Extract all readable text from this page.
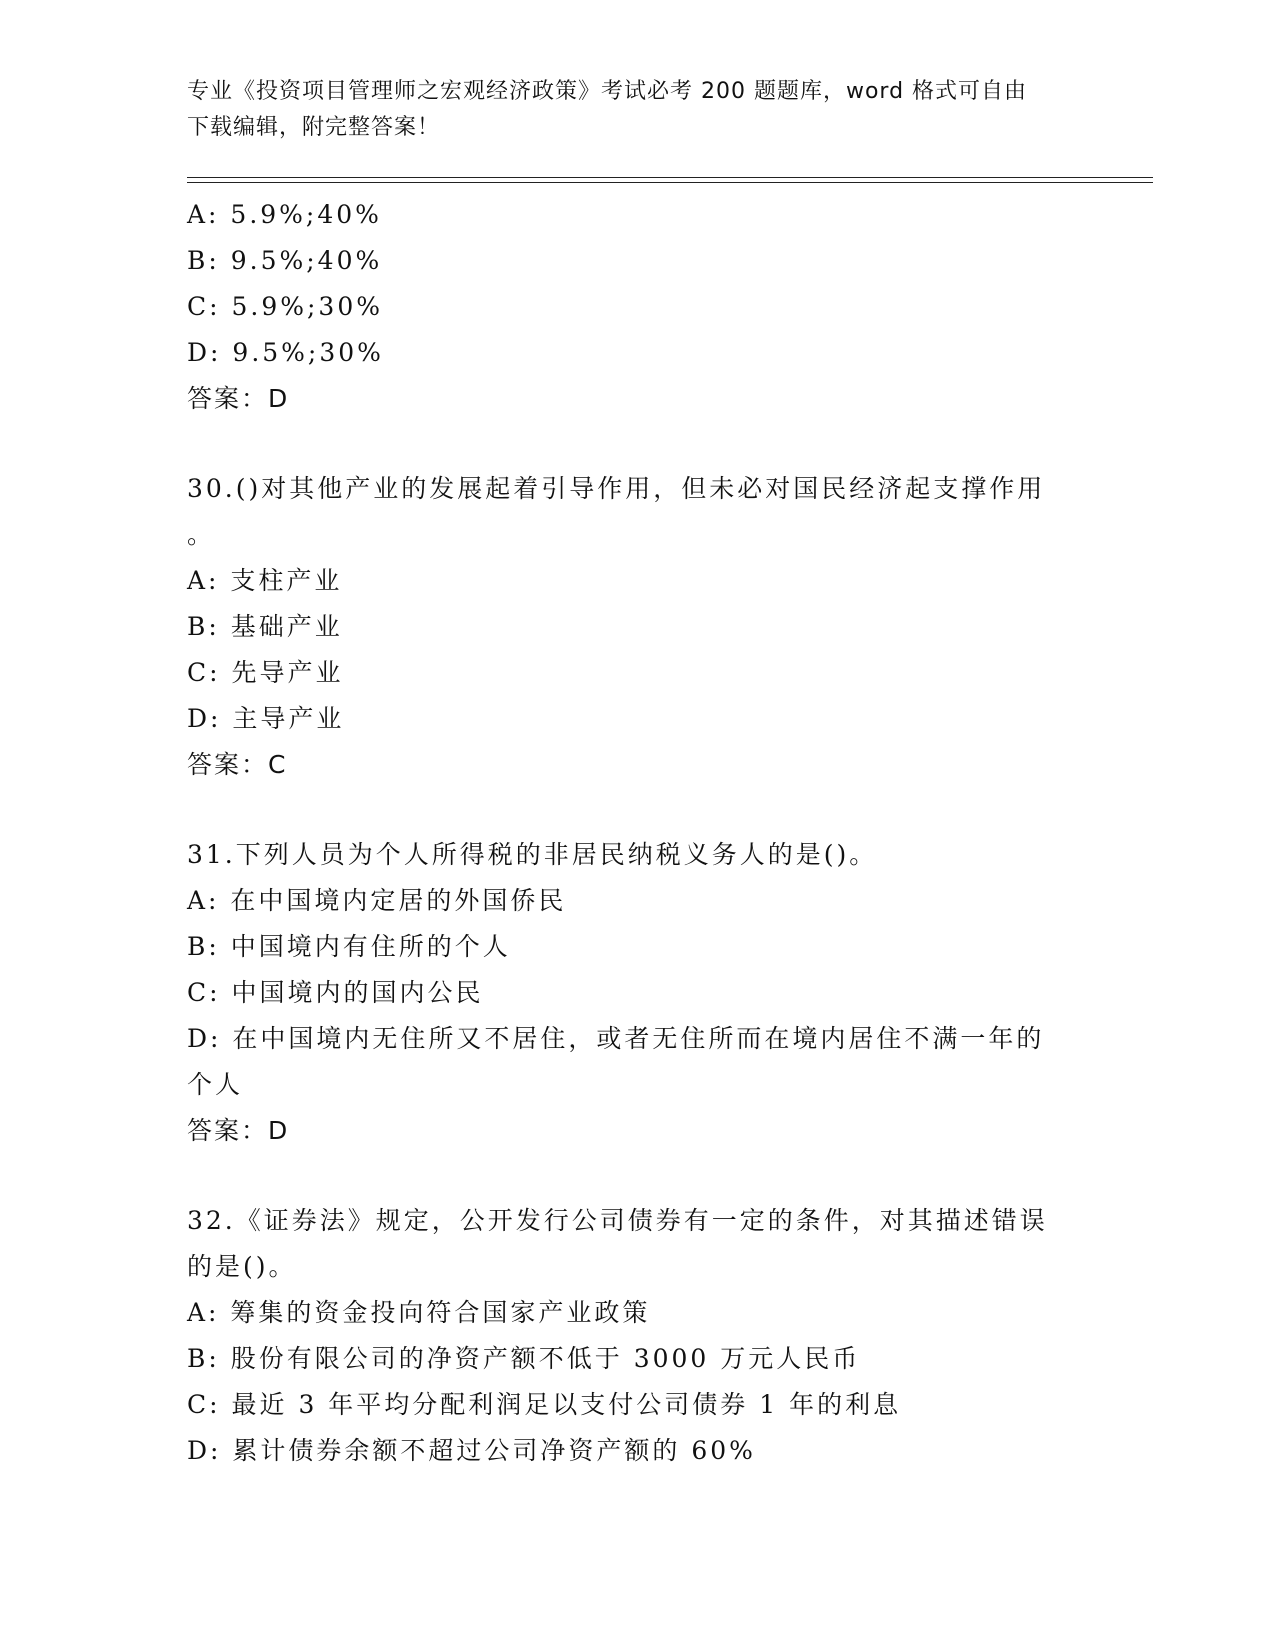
专业《投资项目管理师之宏观经济政策》考试必考 200 题题库，word 格式可自由
下载编辑，附完整答案！
A: 5.9%;40%
B: 9.5%;40%
C: 5.9%;30%
D: 9.5%;30%
答案：D
30.()对其他产业的发展起着引导作用，但未必对国民经济起支撑作用
。
A: 支柱产业
B: 基础产业
C: 先导产业
D: 主导产业
答案：C
31.下列人员为个人所得税的非居民纳税义务人的是()。
A: 在中国境内定居的外国侨民
B: 中国境内有住所的个人
C: 中国境内的国内公民
D: 在中国境内无住所又不居住，或者无住所而在境内居住不满一年的
个人
答案：D
32.《证券法》规定，公开发行公司债券有一定的条件，对其描述错误
的是()。
A: 筹集的资金投向符合国家产业政策
B: 股份有限公司的净资产额不低于 3000 万元人民币
C: 最近 3 年平均分配利润足以支付公司债券 1 年的利息
D: 累计债券余额不超过公司净资产额的 60%
